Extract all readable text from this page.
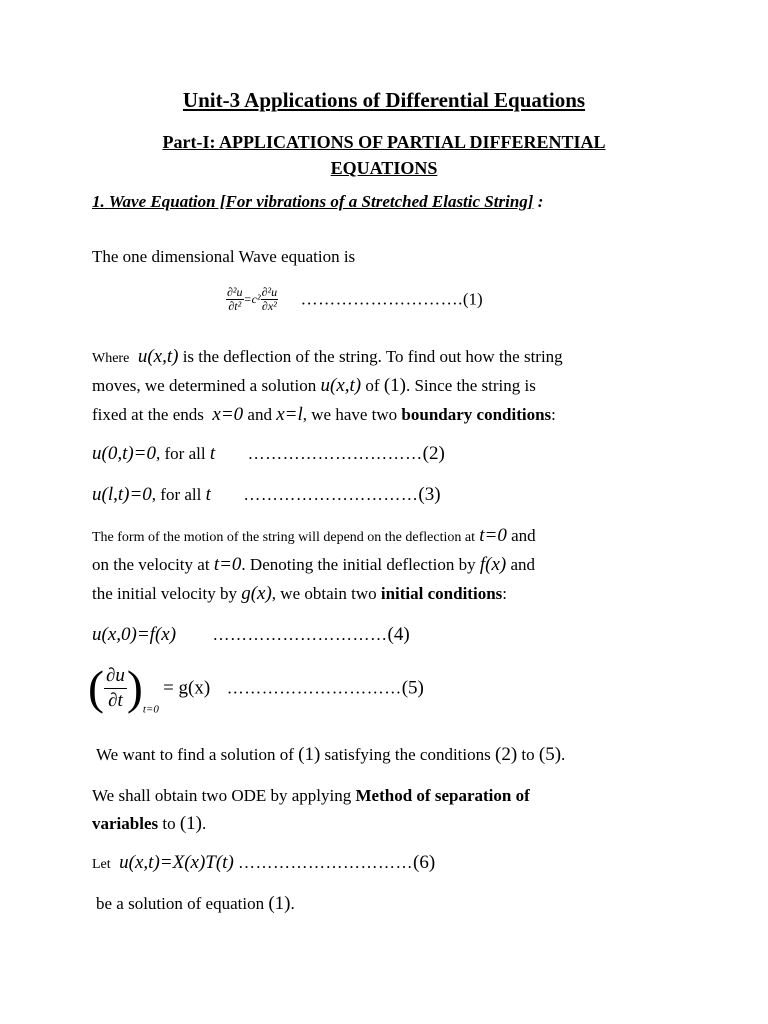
Unit-3 Applications of Differential Equations
Part-I: APPLICATIONS OF PARTIAL DIFFERENTIAL
EQUATIONS
1. Wave Equation [For vibrations of a Stretched Elastic String] :
The one dimensional Wave equation is
$\frac{\text{∂²u}}{\text{∂t²}} =c^2 \frac{\text{∂²u}}{\text{∂x²}}$ ……………………….(1)
Where u(x,t) is the deflection of the string. To find out how the string
moves, we determined a solution u(x,t) of (1). Since the string is
fixed at the ends x=0 and x=l, we have two boundary conditions:
u(0,t)=0, for all t …………………………(2)
u(l,t)=0, for all t …………………………(3)
The form of the motion of the string will depend on the deflection at t=0 and
on the velocity at t=0. Denoting the initial deflection by f(x) and
the initial velocity by g(x), we obtain two initial conditions:
u(x,0)=f(x) …………………………(4)
( $\frac{\partial u}{\partial t} )_{t=0} = g(x)$ …………………………(5)
We want to find a solution of (1) satisfying the conditions (2) to (5).
We shall obtain two ODE by applying Method of separation of
variables to (1).
Let u(x,t)=X(x)T(t) …………………………(6)
be a solution of equation (1).
